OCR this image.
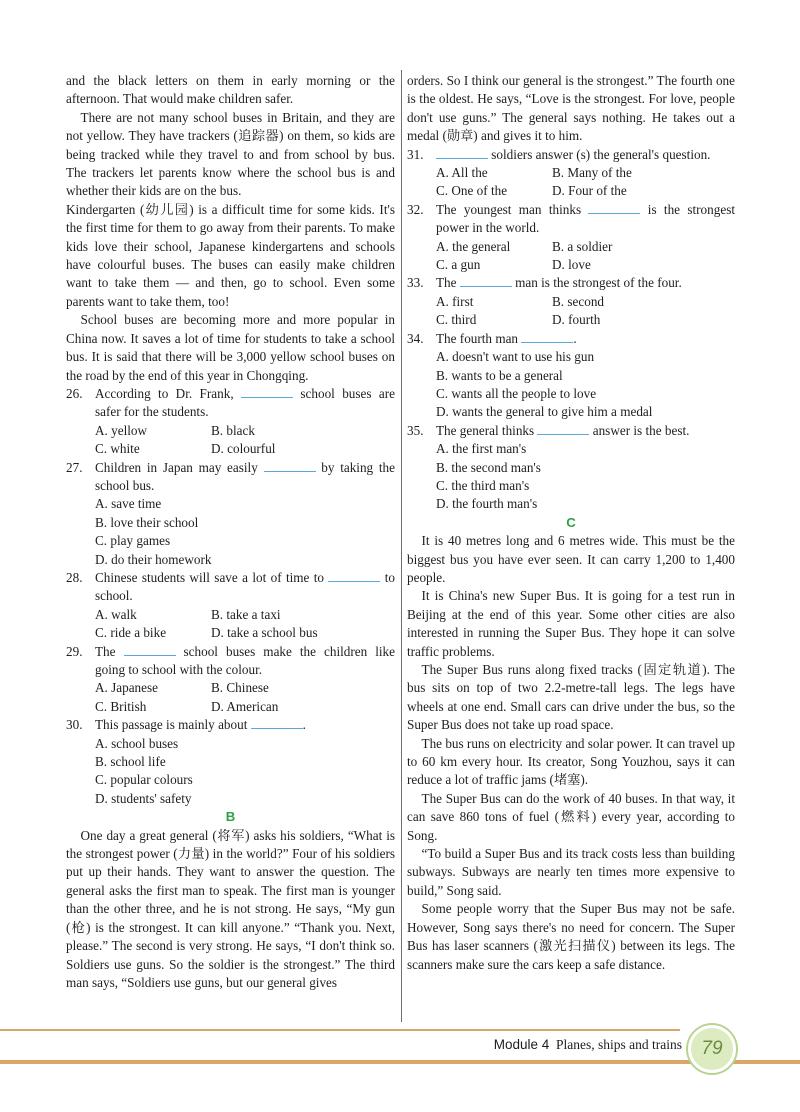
and the black letters on them in early morning or the afternoon. That would make children safer.

There are not many school buses in Britain, and they are not yellow. They have trackers (追踪器) on them, so kids are being tracked while they travel to and from school by bus. The trackers let parents know where the school bus is and whether their kids are on the bus.

Kindergarten (幼儿园) is a difficult time for some kids. It's the first time for them to go away from their parents. To make kids love their school, Japanese kindergartens and schools have colourful buses. The buses can easily make children want to take them — and then, go to school. Even some parents want to take them, too!

School buses are becoming more and more popular in China now. It saves a lot of time for students to take a school bus. It is said that there will be 3,000 yellow school buses on the road by the end of this year in Chongqing.

26. According to Dr. Frank,	school buses are safer for the students.
A. yellow	B. black
C. white	D. colourful
27. Children in Japan may easily	by taking the school bus.
A. save time
B. love their school
C. play games
D. do their homework
28. Chinese students will save a lot of time to	to school.
A. walk	B. take a taxi
C. ride a bike	D. take a school bus
29. The	school buses make the children like going to school with the colour.
A. Japanese	B. Chinese
C. British	D. American
30. This passage is mainly about	.
A. school buses
B. school life
C. popular colours
D. students' safety

B

One day a great general (将军) asks his soldiers, “What is the strongest power (力量) in the world?” Four of his soldiers put up their hands. They want to answer the question. The general asks the first man to speak. The first man is younger than the other three, and he is not strong. He says, “My gun (枪) is the strongest. It can kill anyone.” “Thank you. Next, please.” The second is very strong. He says, “I don't think so. Soldiers use guns. So the soldier is the strongest.” The third man says, “Soldiers use guns, but our general gives

orders. So I think our general is the strongest.” The fourth one is the oldest. He says, “Love is the strongest. For love, people don't use guns.” The general says nothing. He takes out a medal (勋章) and gives it to him.

31.	soldiers answer (s) the general's question.
A. All the	B. Many of the
C. One of the	D. Four of the
32. The youngest man thinks	is the strongest power in the world.
A. the general	B. a soldier
C. a gun	D. love
33. The	man is the strongest of the four.
A. first	B. second
C. third	D. fourth
34. The fourth man	.
A. doesn't want to use his gun
B. wants to be a general
C. wants all the people to love
D. wants the general to give him a medal
35. The general thinks	answer is the best.
A. the first man's
B. the second man's
C. the third man's
D. the fourth man's

C

It is 40 metres long and 6 metres wide. This must be the biggest bus you have ever seen. It can carry 1,200 to 1,400 people.

It is China's new Super Bus. It is going for a test run in Beijing at the end of this year. Some other cities are also interested in running the Super Bus. They hope it can solve traffic problems.

The Super Bus runs along fixed tracks (固定轨道). The bus sits on top of two 2.2-metre-tall legs. The legs have wheels at one end. Small cars can drive under the bus, so the Super Bus does not take up road space.

The bus runs on electricity and solar power. It can travel up to 60 km every hour. Its creator, Song Youzhou, says it can reduce a lot of traffic jams (堵塞).

The Super Bus can do the work of 40 buses. In that way, it can save 860 tons of fuel (燃料) every year, according to Song.

“To build a Super Bus and its track costs less than building subways. Subways are nearly ten times more expensive to build,” Song said.

Some people worry that the Super Bus may not be safe. However, Song says there's no need for concern. The Super Bus has laser scanners (激光扫描仪) between its legs. The scanners make sure the cars keep a safe distance.

Module 4 Planes, ships and trains 79
